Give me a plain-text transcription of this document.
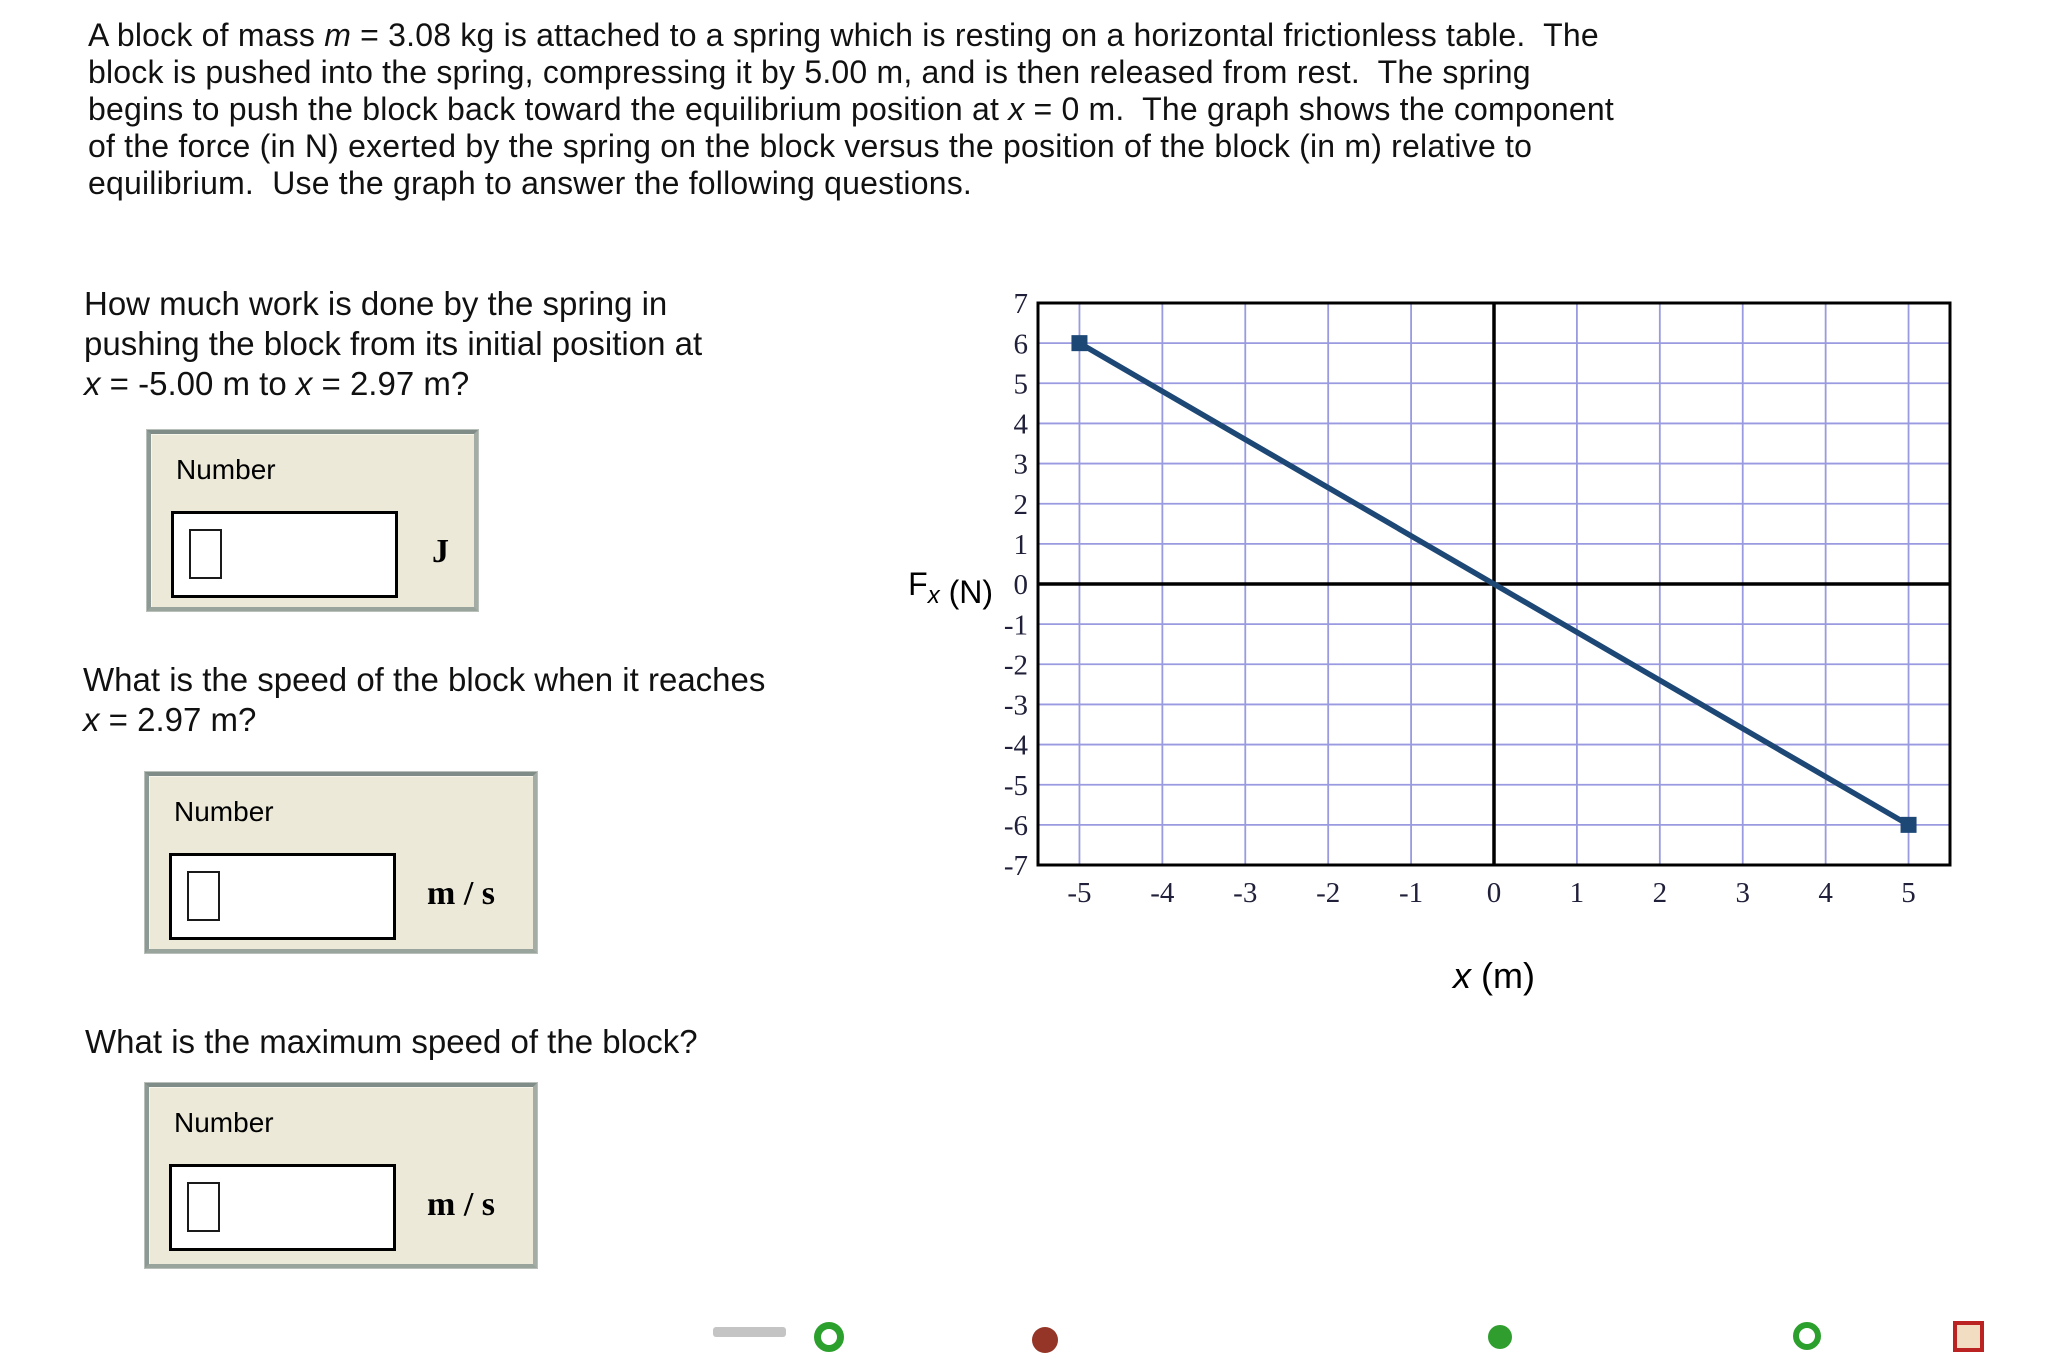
A block of mass m = 3.08 kg is attached to a spring which is resting on a horizontal frictionless table.  The
block is pushed into the spring, compressing it by 5.00 m, and is then released from rest.  The spring
begins to push the block back toward the equilibrium position at x = 0 m.  The graph shows the component
of the force (in N) exerted by the spring on the block versus the position of the block (in m) relative to
equilibrium.  Use the graph to answer the following questions.
How much work is done by the spring in
pushing the block from its initial position at
x = -5.00 m to x = 2.97 m?
Number
J
What is the speed of the block when it reaches
x = 2.97 m?
Number
m / s
What is the maximum speed of the block?
Number
m / s
-5 -4 -3 -2 -1 0 1 2 3 4 5
-7
-6
-5
-4
-3
-2
-1
0
1
2
3
4
5
6
7
$F_x$ (N)
x (m)
